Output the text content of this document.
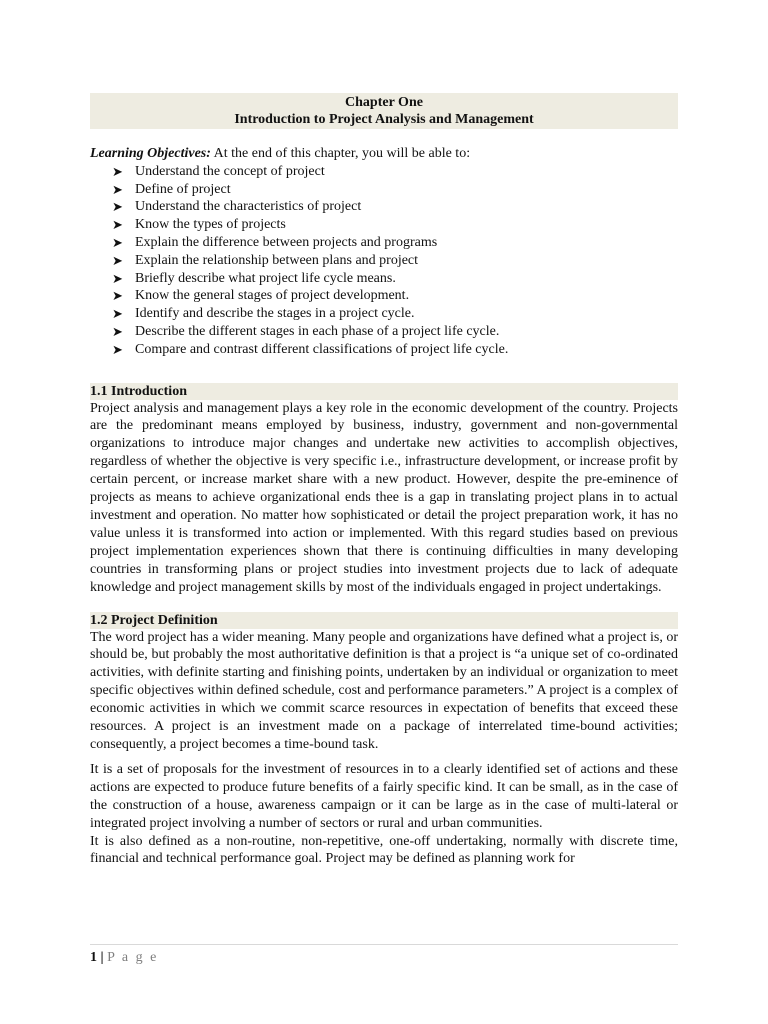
Chapter One
Introduction to Project Analysis and Management
Learning Objectives: At the end of this chapter, you will be able to:
➤ Understand the concept of project
➤ Define of project
➤ Understand the characteristics of project
➤ Know the types of projects
➤ Explain the difference between projects and programs
➤ Explain the relationship between plans and project
➤ Briefly describe what project life cycle means.
➤ Know the general stages of project development.
➤ Identify and describe the stages in a project cycle.
➤ Describe the different stages in each phase of a project life cycle.
➤ Compare and contrast different classifications of project life cycle.
1.1 Introduction

Project analysis and management plays a key role in the economic development of the country. Projects are the predominant means employed by business, industry, government and non-governmental organizations to introduce major changes and undertake new activities to accomplish objectives, regardless of whether the objective is very specific i.e., infrastructure development, or increase profit by certain percent, or increase market share with a new product. However, despite the pre-eminence of projects as means to achieve organizational ends thee is a gap in translating project plans in to actual investment and operation. No matter how sophisticated or detail the project preparation work, it has no value unless it is transformed into action or implemented. With this regard studies based on previous project implementation experiences shown that there is continuing difficulties in many developing countries in transforming plans or project studies into investment projects due to lack of adequate knowledge and project management skills by most of the individuals engaged in project undertakings.

1.2 Project Definition

The word project has a wider meaning. Many people and organizations have defined what a project is, or should be, but probably the most authoritative definition is that a project is “a unique set of co-ordinated activities, with definite starting and finishing points, undertaken by an individual or organization to meet specific objectives within defined schedule, cost and performance parameters.” A project is a complex of economic activities in which we commit scarce resources in expectation of benefits that exceed these resources. A project is an investment made on a package of interrelated time-bound activities; consequently, a project becomes a time-bound task.

It is a set of proposals for the investment of resources in to a clearly identified set of actions and these actions are expected to produce future benefits of a fairly specific kind. It can be small, as in the case of the construction of a house, awareness campaign or it can be large as in the case of multi-lateral or integrated project involving a number of sectors or rural and urban communities.

It is also defined as a non-routine, non-repetitive, one-off undertaking, normally with discrete time, financial and technical performance goal. Project may be defined as planning work for

1 | P a g e
